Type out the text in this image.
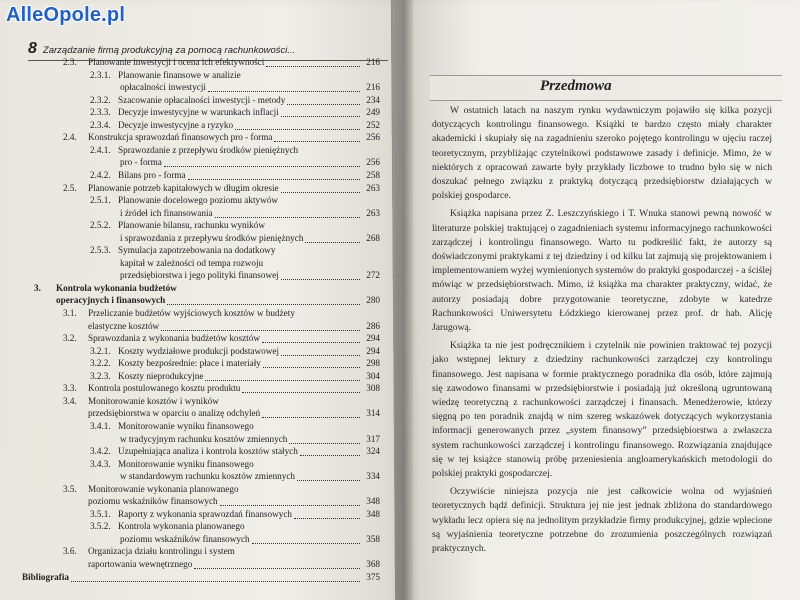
AlleOpole.pl
8 Zarządzanie firmą produkcyjną za pomocą rachunkowości...
2.3. Planowanie inwestycji i ocena ich efektywności	216
2.3.1. Planowanie finansowe w analizie
opłacalności inwestycji	216
2.3.2. Szacowanie opłacalności inwestycji - metody	234
2.3.3. Decyzje inwestycyjne w warunkach inflacji	249
2.3.4. Decyzje inwestycyjne a ryzyko	252
2.4. Konstrukcja sprawozdań finansowych pro - forma	256
2.4.1. Sprawozdanie z przepływu środków pieniężnych
pro - forma	256
2.4.2. Bilans pro - forma	258
2.5. Planowanie potrzeb kapitałowych w długim okresie	263
2.5.1. Planowanie docelowego poziomu aktywów
i źródeł ich finansowania	263
2.5.2. Planowanie bilansu, rachunku wyników
i sprawozdania z przepływu środków pieniężnych	268
2.5.3. Symulacja zapotrzebowania na dodatkowy
kapitał w zależności od tempa rozwoju
przedsiębiorstwa i jego polityki finansowej	272
3. Kontrola wykonania budżetów
operacyjnych i finansowych	280
3.1. Przeliczanie budżetów wyjściowych kosztów w budżety
elastyczne kosztów	286
3.2. Sprawozdania z wykonania budżetów kosztów	294
3.2.1. Koszty wydziałowe produkcji podstawowej	294
3.2.2. Koszty bezpośrednie: płace i materiały	298
3.2.3. Koszty nieprodukcyjne	304
3.3. Kontrola postulowanego kosztu produktu	308
3.4. Monitorowanie kosztów i wyników
przedsiębiorstwa w oparciu o analizę odchyleń	314
3.4.1. Monitorowanie wyniku finansowego
w tradycyjnym rachunku kosztów zmiennych	317
3.4.2. Uzupełniająca analiza i kontrola kosztów stałych	324
3.4.3. Monitorowanie wyniku finansowego
w standardowym rachunku kosztów zmiennych	334
3.5. Monitorowanie wykonania planowanego
poziomu wskaźników finansowych	348
3.5.1. Raporty z wykonania sprawozdań finansowych	348
3.5.2. Kontrola wykonania planowanego
poziomu wskaźników finansowych	358
3.6. Organizacja działu kontrolingu i system
raportowania wewnętrznego	368
Bibliografia	375
Przedmowa

W ostatnich latach na naszym rynku wydawniczym pojawiło się kilka pozycji dotyczących kontrolingu finansowego. Książki te bardzo często miały charakter akademicki i skupiały się na zagadnieniu szeroko pojętego kontrolingu w ujęciu raczej teoretycznym, przybliżając czytelnikowi podstawowe zasady i definicje. Mimo, że w niektórych z opracowań zawarte były przykłady liczbowe to trudno było się w nich doszukać pełnego związku z praktyką dotyczącą przedsiębiorstw działających w polskiej gospodarce.

Książka napisana przez Z. Leszczyńskiego i T. Wnuka stanowi pewną nowość w literaturze polskiej traktującej o zagadnieniach systemu informacyjnego rachunkowości zarządczej i kontrolingu finansowego. Warto tu podkreślić fakt, że autorzy są doświadczonymi praktykami z tej dziedziny i od kilku lat zajmują się projektowaniem i implementowaniem wyżej wymienionych systemów do praktyki gospodarczej - a ściślej mówiąc w przedsiębiorstwach. Mimo, iż książka ma charakter praktyczny, widać, że autorzy posiadają dobre przygotowanie teoretyczne, zdobyte w katedrze Rachunkowości Uniwersytetu Łódzkiego kierowanej przez prof. dr hab. Alicję Jarugową.

Książka ta nie jest podręcznikiem i czytelnik nie powinien traktować tej pozycji jako wstępnej lektury z dziedziny rachunkowości zarządczej czy kontrolingu finansowego. Jest napisana w formie praktycznego poradnika dla osób, które zajmują się zawodowo finansami w przedsiębiorstwie i posiadają już określoną ugruntowaną wiedzę teoretyczną z rachunkowości zarządczej i finansach. Menedżerowie, którzy sięgną po ten poradnik znajdą w nim szereg wskazówek dotyczących wykorzystania informacji generowanych przez „system finansowy” przedsiębiorstwa a zwłaszcza system rachunkowości zarządczej i kontrolingu finansowego. Rozwiązania znajdujące się w tej książce stanowią próbę przeniesienia angloamerykańskich metodologii do polskiej praktyki gospodarczej.

Oczywiście niniejsza pozycja nie jest całkowicie wolna od wyjaśnień teoretycznych bądź definicji. Struktura jej nie jest jednak zbliżona do standardowego wykładu lecz opiera się na jednolitym przykładzie firmy produkcyjnej, gdzie wplecione są wyjaśnienia teoretyczne potrzebne do zrozumienia poszczególnych rozwiązań praktycznych.
